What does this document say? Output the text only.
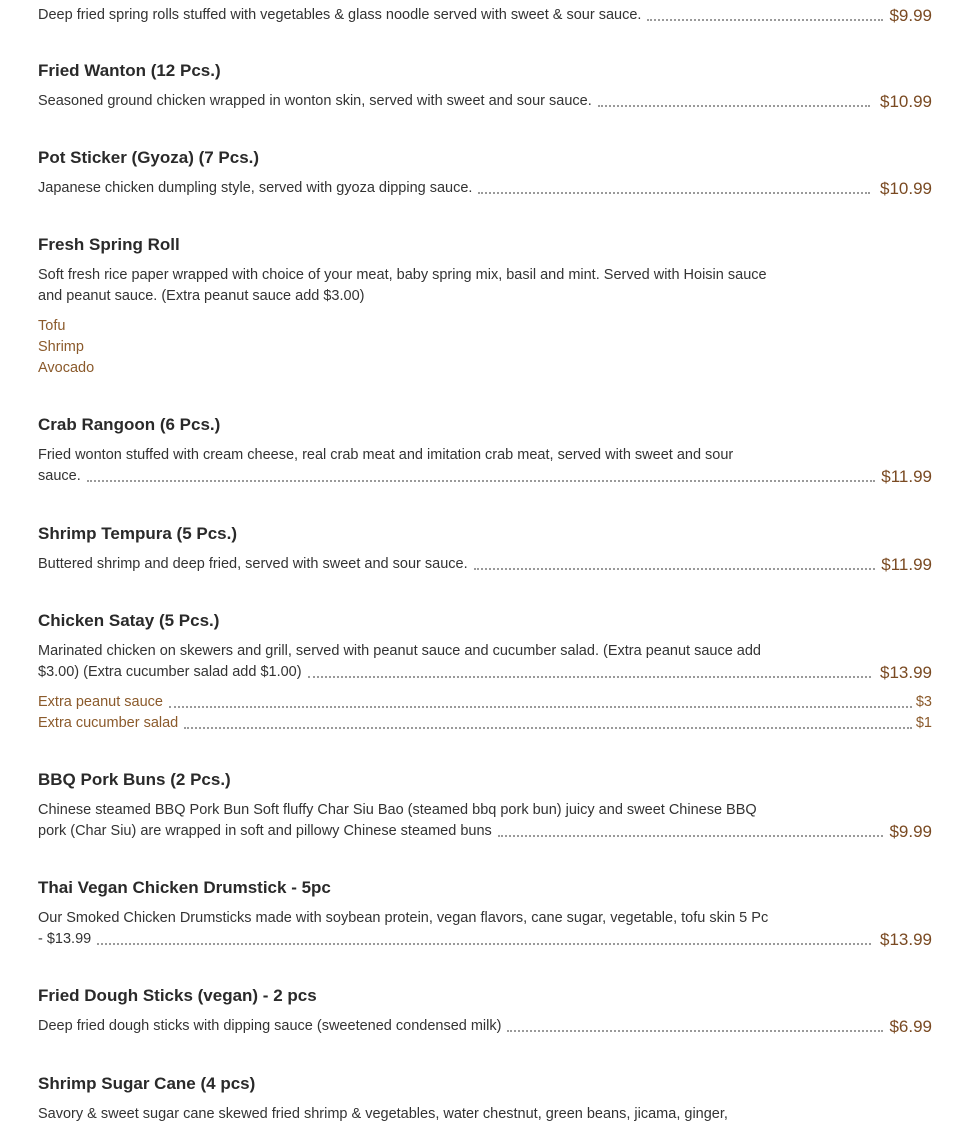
Deep fried spring rolls stuffed with vegetables & glass noodle served with sweet & sour sauce.	$9.99
Fried Wanton (12 Pcs.)
Seasoned ground chicken wrapped in wonton skin, served with sweet and sour sauce.	$10.99
Pot Sticker (Gyoza) (7 Pcs.)
Japanese chicken dumpling style, served with gyoza dipping sauce.	$10.99
Fresh Spring Roll
Soft fresh rice paper wrapped with choice of your meat, baby spring mix, basil and mint. Served with Hoisin sauce
and peanut sauce. (Extra peanut sauce add $3.00)
Tofu
Shrimp
Avocado
Crab Rangoon (6 Pcs.)
Fried wonton stuffed with cream cheese, real crab meat and imitation crab meat, served with sweet and sour
sauce.	$11.99
Shrimp Tempura (5 Pcs.)
Buttered shrimp and deep fried, served with sweet and sour sauce.	$11.99
Chicken Satay (5 Pcs.)
Marinated chicken on skewers and grill, served with peanut sauce and cucumber salad. (Extra peanut sauce add
$3.00) (Extra cucumber salad add $1.00)	$13.99
Extra peanut sauce	$3
Extra cucumber salad	$1
BBQ Pork Buns (2 Pcs.)
Chinese steamed BBQ Pork Bun Soft fluffy Char Siu Bao (steamed bbq pork bun) juicy and sweet Chinese BBQ
pork (Char Siu) are wrapped in soft and pillowy Chinese steamed buns	$9.99
Thai Vegan Chicken Drumstick - 5pc
Our Smoked Chicken Drumsticks made with soybean protein, vegan flavors, cane sugar, vegetable, tofu skin 5 Pc
- $13.99	$13.99
Fried Dough Sticks (vegan) - 2 pcs
Deep fried dough sticks with dipping sauce (sweetened condensed milk)	$6.99
Shrimp Sugar Cane (4 pcs)
Savory & sweet sugar cane skewed fried shrimp & vegetables, water chestnut, green beans, jicama, ginger,
